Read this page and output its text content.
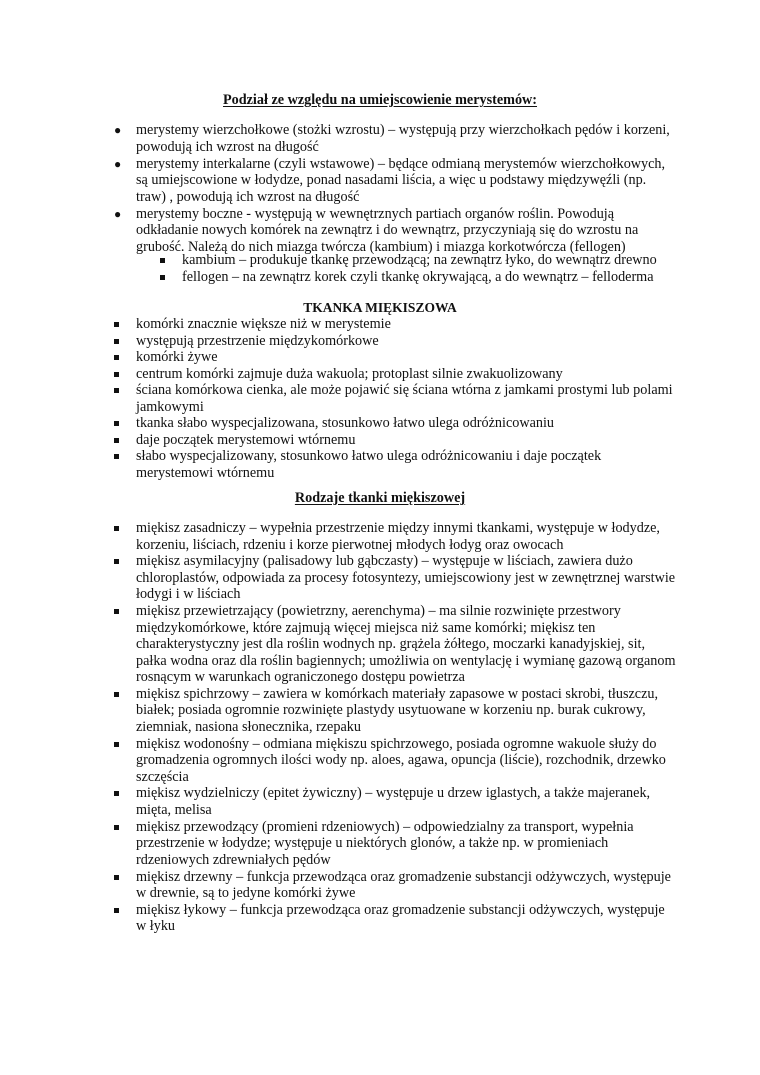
Podział ze względu na umiejscowienie merystemów:
● merystemy wierzchołkowe (stożki wzrostu) – występują przy wierzchołkach pędów i korzeni, powodują ich wzrost na długość
● merystemy interkalarne (czyli wstawowe) – będące odmianą merystemów wierzchołkowych, są umiejscowione w łodydze, ponad nasadami liścia, a więc u podstawy międzywęźli (np. traw) , powodują ich wzrost na długość
● merystemy boczne - występują w wewnętrznych partiach organów roślin. Powodują odkładanie nowych komórek na zewnątrz i do wewnątrz, przyczyniają się do wzrostu na grubość. Należą do nich miazga twórcza (kambium) i miazga korkotwórcza (fellogen)
kambium – produkuje tkankę przewodzącą; na zewnątrz łyko, do wewnątrz drewno
fellogen – na zewnątrz korek czyli tkankę okrywającą, a do wewnątrz – felloderma
TKANKA MIĘKISZOWA
komórki znacznie większe niż w merystemie
występują przestrzenie międzykomórkowe
komórki żywe
centrum komórki zajmuje duża wakuola; protoplast silnie zwakuolizowany
ściana komórkowa cienka, ale może pojawić się ściana wtórna z jamkami prostymi lub polami jamkowymi
tkanka słabo wyspecjalizowana, stosunkowo łatwo ulega odróżnicowaniu
daje początek merystemowi wtórnemu
słabo wyspecjalizowany, stosunkowo łatwo ulega odróżnicowaniu i daje początek merystemowi wtórnemu
Rodzaje tkanki miękiszowej
miękisz zasadniczy – wypełnia przestrzenie między innymi tkankami, występuje w łodydze, korzeniu, liściach, rdzeniu i korze pierwotnej młodych łodyg oraz owocach
miękisz asymilacyjny (palisadowy lub gąbczasty) – występuje w liściach, zawiera dużo chloroplastów, odpowiada za procesy fotosyntezy, umiejscowiony jest w zewnętrznej warstwie łodygi i w liściach
miękisz przewietrzający (powietrzny, aerenchyma) – ma silnie rozwinięte przestwory międzykomórkowe, które zajmują więcej miejsca niż same komórki; miękisz ten charakterystyczny jest dla roślin wodnych np. grążela żółtego, moczarki kanadyjskiej, sit, pałka wodna oraz dla roślin bagiennych; umożliwia on wentylację i wymianę gazową organom rosnącym w warunkach ograniczonego dostępu powietrza
miękisz spichrzowy – zawiera w komórkach materiały zapasowe w postaci skrobi, tłuszczu, białek; posiada ogromnie rozwinięte plastydy usytuowane w korzeniu np. burak cukrowy, ziemniak, nasiona słonecznika, rzepaku
miękisz wodonośny – odmiana miękiszu spichrzowego, posiada ogromne wakuole służy do gromadzenia ogromnych ilości wody np. aloes, agawa, opuncja (liście), rozchodnik, drzewko szczęścia
miękisz wydzielniczy (epitet żywiczny) – występuje u drzew iglastych, a także majeranek, mięta, melisa
miękisz przewodzący (promieni rdzeniowych) – odpowiedzialny za transport, wypełnia przestrzenie w łodydze; występuje u niektórych glonów, a także np. w promieniach rdzeniowych zdrewniałych pędów
miękisz drzewny – funkcja przewodząca oraz gromadzenie substancji odżywczych, występuje w drewnie, są to jedyne komórki żywe
miękisz łykowy – funkcja przewodząca oraz gromadzenie substancji odżywczych, występuje w łyku
